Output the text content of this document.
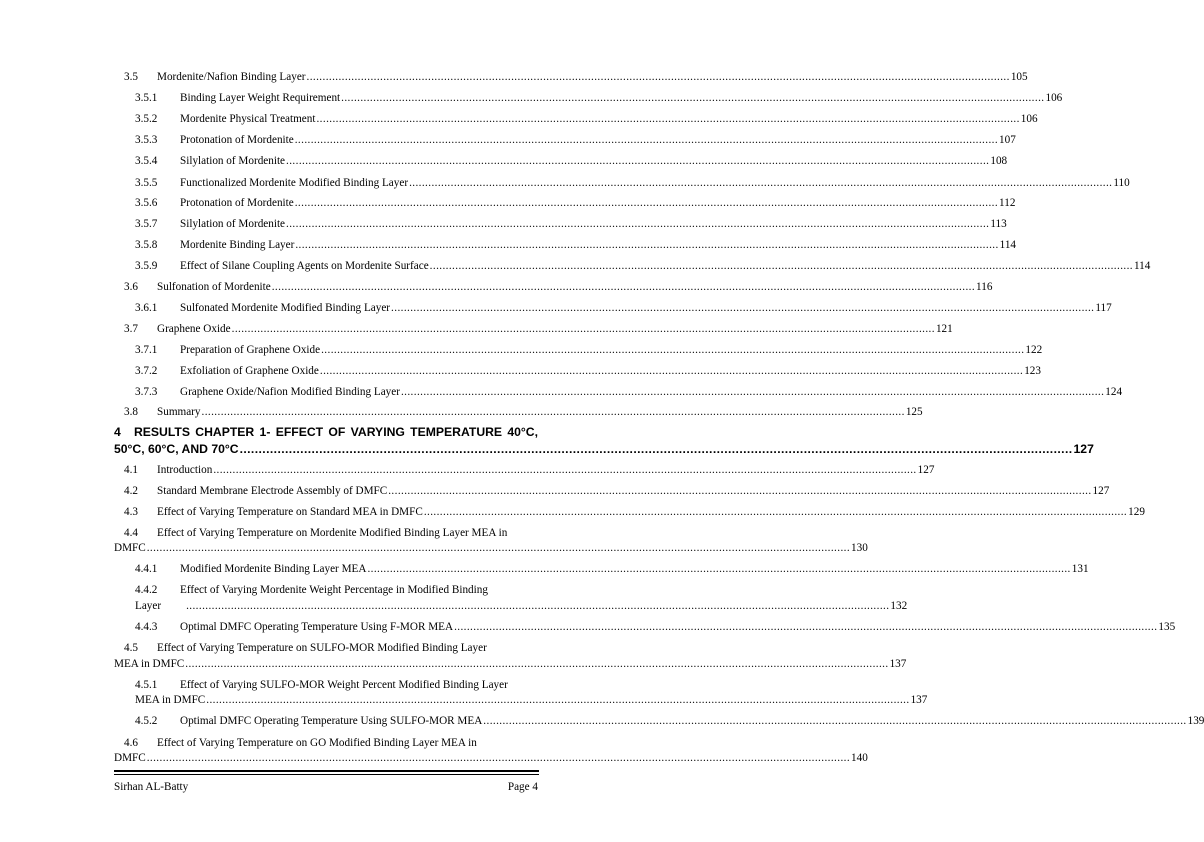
3.5 Mordenite/Nafion Binding Layer ............................................................................................................................................................................................................................ 105
3.5.1 Binding Layer Weight Requirement ............................................................................................................................................................................................................................ 106
3.5.2 Mordenite Physical Treatment ............................................................................................................................................................................................................................ 106
3.5.3 Protonation of Mordenite ............................................................................................................................................................................................................................ 107
3.5.4 Silylation of Mordenite ............................................................................................................................................................................................................................ 108
3.5.5 Functionalized Mordenite Modified Binding Layer ............................................................................................................................................................................................................................ 110
3.5.6 Protonation of Mordenite ............................................................................................................................................................................................................................ 112
3.5.7 Silylation of Mordenite ............................................................................................................................................................................................................................ 113
3.5.8 Mordenite Binding Layer ............................................................................................................................................................................................................................ 114
3.5.9 Effect of Silane Coupling Agents on Mordenite Surface ............................................................................................................................................................................................................................ 114
3.6 Sulfonation of Mordenite ............................................................................................................................................................................................................................ 116
3.6.1 Sulfonated Mordenite Modified Binding Layer ............................................................................................................................................................................................................................ 117
3.7 Graphene Oxide ............................................................................................................................................................................................................................ 121
3.7.1 Preparation of Graphene Oxide ............................................................................................................................................................................................................................ 122
3.7.2 Exfoliation of Graphene Oxide ............................................................................................................................................................................................................................ 123
3.7.3 Graphene Oxide/Nafion Modified Binding Layer ............................................................................................................................................................................................................................ 124
3.8 Summary ............................................................................................................................................................................................................................ 125
4 RESULTS CHAPTER 1- EFFECT OF VARYING TEMPERATURE 40°C,
50°C, 60°C, AND 70°C ............................................................................................................................................................................................................................ 127
4.1 Introduction ............................................................................................................................................................................................................................ 127
4.2 Standard Membrane Electrode Assembly of DMFC ............................................................................................................................................................................................................................ 127
4.3 Effect of Varying Temperature on Standard MEA in DMFC ............................................................................................................................................................................................................................ 129
4.4 Effect of Varying Temperature on Mordenite Modified Binding Layer MEA in
DMFC ............................................................................................................................................................................................................................ 130
4.4.1 Modified Mordenite Binding Layer MEA ............................................................................................................................................................................................................................ 131
4.4.2 Effect of Varying Mordenite Weight Percentage in Modified Binding
Layer	............................................................................................................................................................................................................................ 132
4.4.3 Optimal DMFC Operating Temperature Using F-MOR MEA ............................................................................................................................................................................................................................ 135
4.5 Effect of Varying Temperature on SULFO-MOR Modified Binding Layer
MEA in DMFC ............................................................................................................................................................................................................................ 137
4.5.1 Effect of Varying SULFO-MOR Weight Percent Modified Binding Layer
MEA in DMFC ............................................................................................................................................................................................................................ 137
4.5.2 Optimal DMFC Operating Temperature Using SULFO-MOR MEA ............................................................................................................................................................................................................................ 139
4.6 Effect of Varying Temperature on GO Modified Binding Layer MEA in
DMFC ............................................................................................................................................................................................................................ 140
Sirhan AL-Batty	Page 4
